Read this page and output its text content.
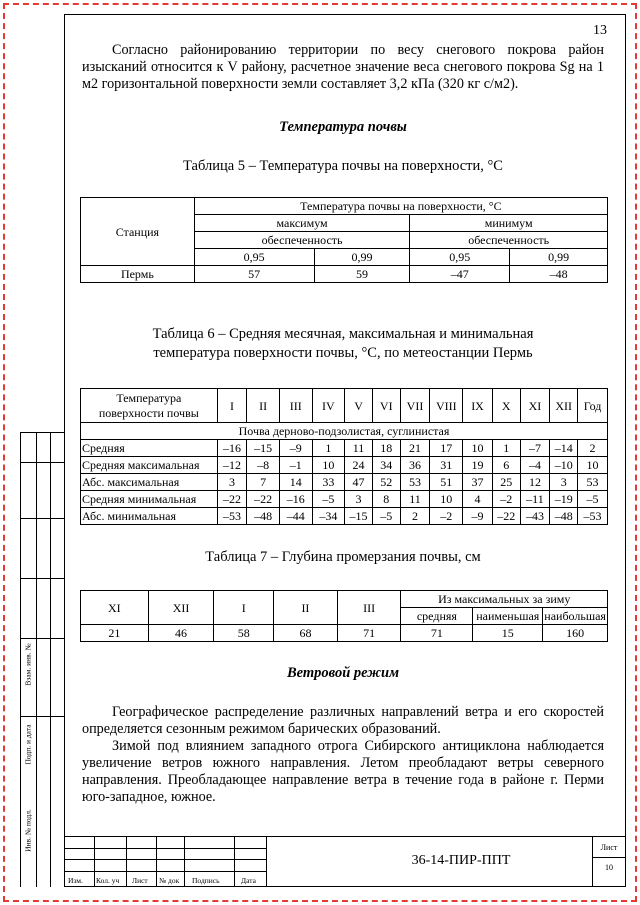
13
Взам. инв. №
Подп. и дата
Инв. № подл.

Согласно районированию территории по весу снегового покрова район изысканий относится к V району, расчетное значение веса снегового покрова Sg на 1 м2 горизонтальной поверхности земли составляет 3,2 кПа (320 кг с/м2).

Температура почвы
Таблица 5 – Температура почвы на поверхности, °С
Станция	Температура почвы на поверхности, °С			
	максимум		минимум	
	обеспеченность		обеспеченность	
	0,95	0,99	0,95	0,99
Пермь	57	59	–47	–48
Таблица 6 – Средняя месячная, максимальная и минимальная
температура поверхности почвы, °С, по метеостанции Пермь
Температура
поверхности почвы	I	II	III	IV	V	VI	VII	VIII	IX	X	XI	XII	Год
Почва дерново-подзолистая, суглинистая													
Средняя	–16	–15	–9	1	11	18	21	17	10	1	–7	–14	2
Средняя максимальная	–12	–8	–1	10	24	34	36	31	19	6	–4	–10	10
Абс. максимальная	3	7	14	33	47	52	53	51	37	25	12	3	53
Средняя минимальная	–22	–22	–16	–5	3	8	11	10	4	–2	–11	–19	–5
Абс. минимальная	–53	–48	–44	–34	–15	–5	2	–2	–9	–22	–43	–48	–53
Таблица 7 – Глубина промерзания почвы, см
XI	XII	I	II	III	Из максимальных за зиму		
					средняя	наименьшая	наибольшая
21	46	58	68	71	71	15	160
Ветровой режим

Географическое распределение различных направлений ветра и его скоростей определяется сезонным режимом барических образований.

Зимой под влиянием западного отрога Сибирского антициклона наблюдается увеличение ветров южного направления. Летом преобладают ветры северного направления. Преобладающее направление ветра в течение года в районе г. Перми юго-западное, южное.

Изм. Кол. уч Лист № док Подпись	Дата
36-14-ПИР-ППТ
Лист
10
